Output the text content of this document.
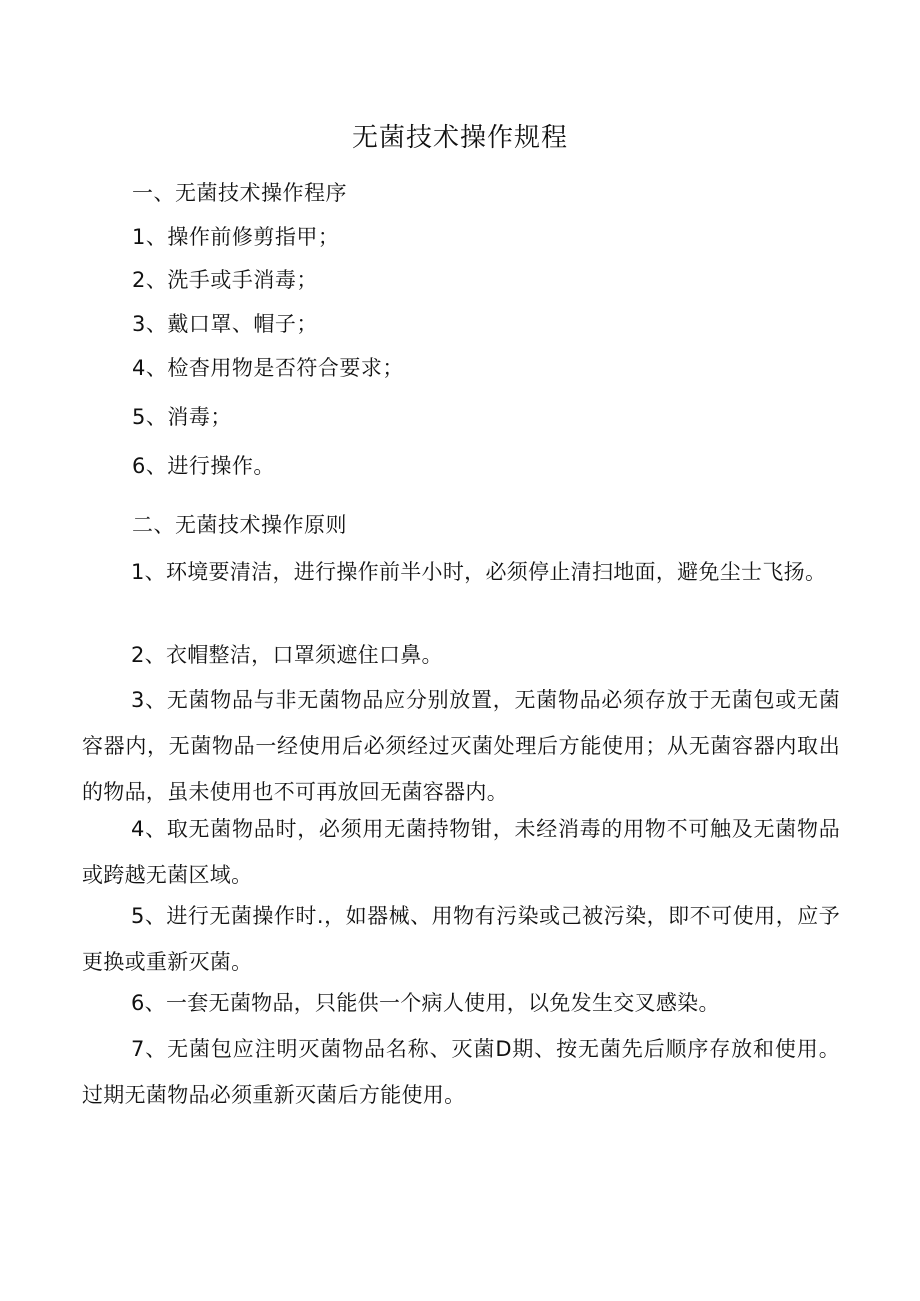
无菌技术操作规程
一、无菌技术操作程序
1、操作前修剪指甲；
2、洗手或手消毒；
3、戴口罩、帽子；
4、检杳用物是否符合要求；
5、消毒；
6、进行操作。
二、无菌技术操作原则
1、环境要清洁，进行操作前半小时，必须停止清扫地面，避免尘士飞扬。
2、衣帽整洁，口罩须遮住口鼻。
3、无菌物品与非无菌物品应分别放置，无菌物品必须存放于无菌包或无菌容器内，无菌物品一经使用后必须经过灭菌处理后方能使用；从无菌容器内取出的物品，虽未使用也不可再放回无菌容器内。
4、取无菌物品时，必须用无菌持物钳，未经消毒的用物不可触及无菌物品或跨越无菌区域。
5、进行无菌操作时.，如器械、用物有污染或己被污染，即不可使用，应予更换或重新灭菌。
6、一套无菌物品，只能供一个病人使用，以免发生交叉感染。
7、无菌包应注明灭菌物品名称、灭菌D期、按无菌先后顺序存放和使用。过期无菌物品必须重新灭菌后方能使用。
